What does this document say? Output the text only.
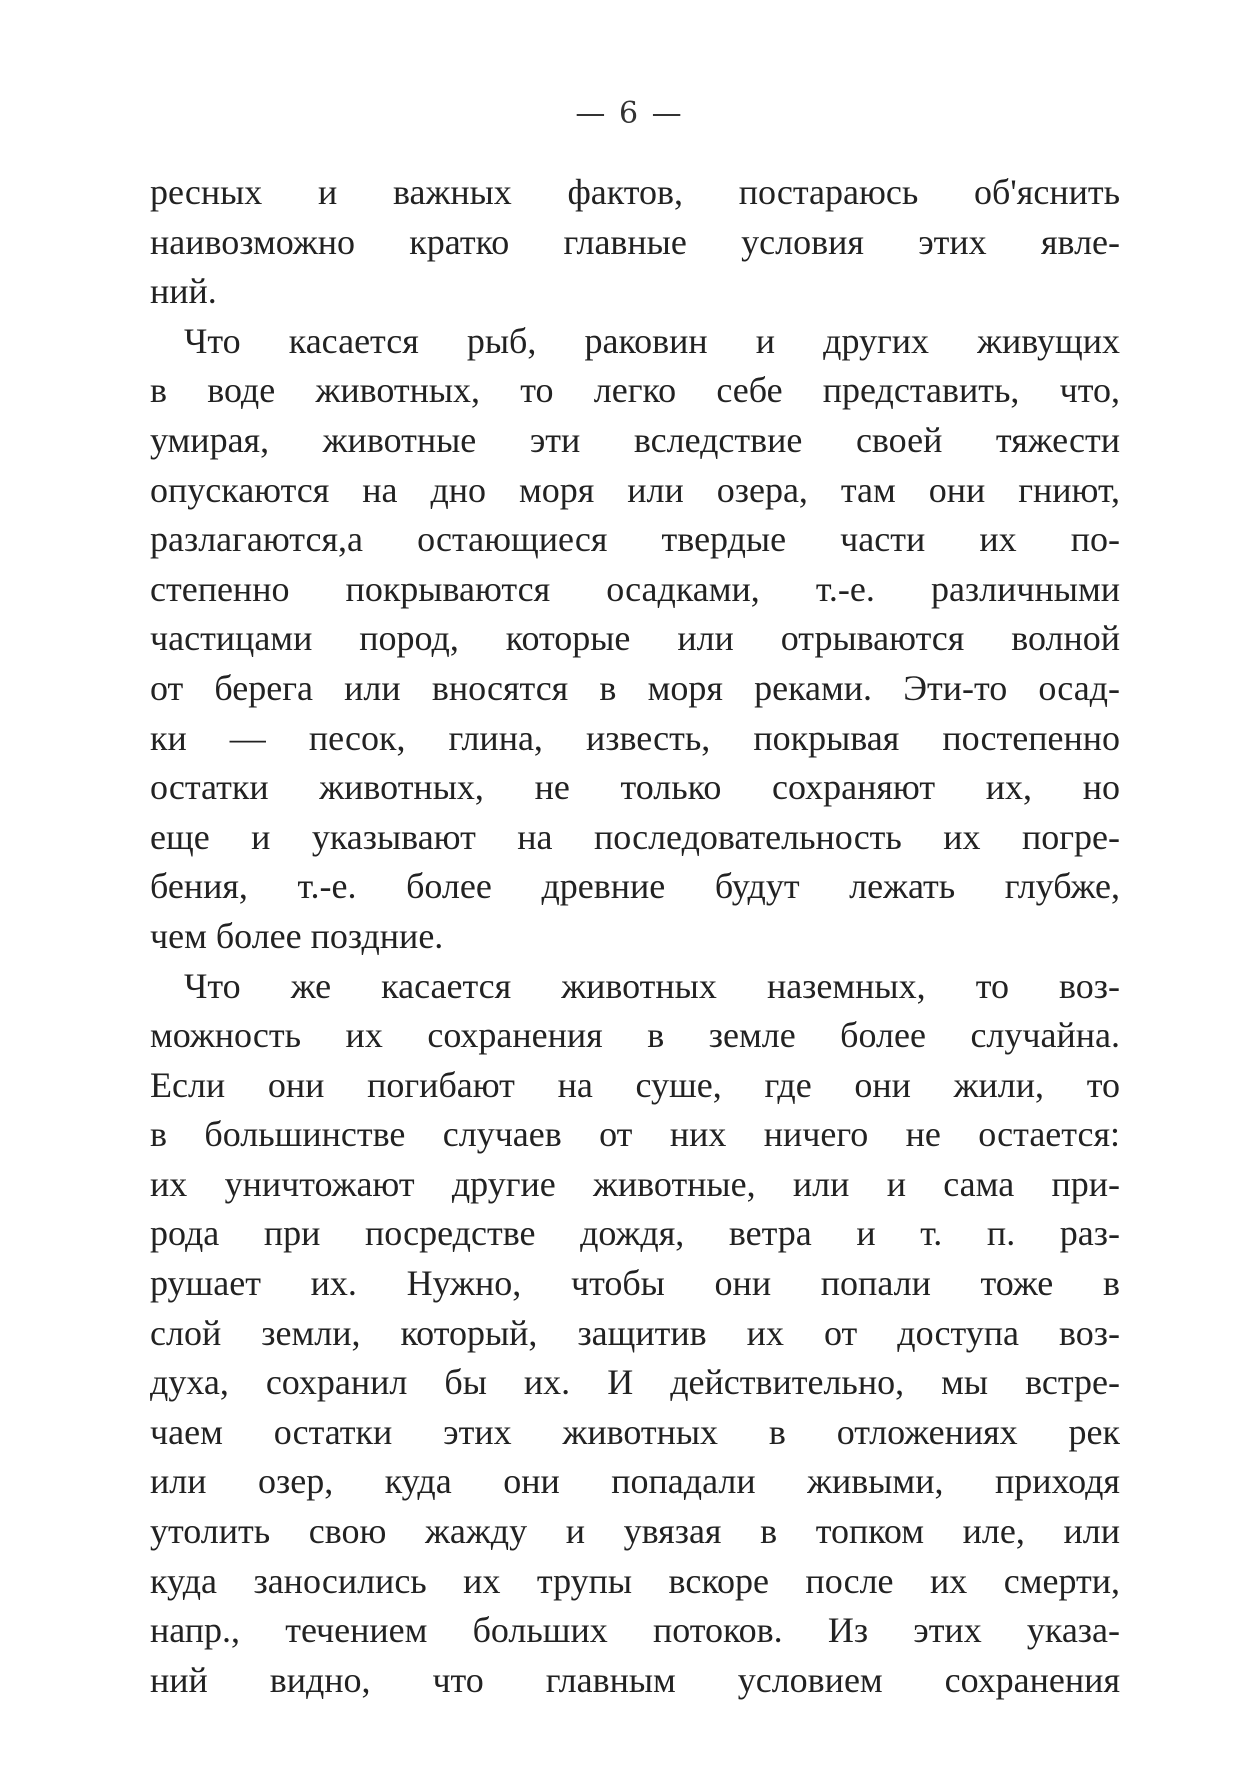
— 6 —
ресных и важных фактов, постараюсь об'яснить
наивозможно кратко главные условия этих явле-
ний.
Что касается рыб, раковин и других живущих
в воде животных, то легко себе представить, что,
умирая, животные эти вследствие своей тяжести
опускаются на дно моря или озера, там они гниют,
разлагаются,а остающиеся твердые части их по-
степенно покрываются осадками, т.-е. различными
частицами пород, которые или отрываются волной
от берега или вносятся в моря реками. Эти-то осад-
ки — песок, глина, известь, покрывая постепенно
остатки животных, не только сохраняют их, но
еще и указывают на последовательность их погре-
бения, т.-е. более древние будут лежать глубже,
чем более поздние.
Что же касается животных наземных, то воз-
можность их сохранения в земле более случайна.
Если они погибают на суше, где они жили, то
в большинстве случаев от них ничего не остается:
их уничтожают другие животные, или и сама при-
рода при посредстве дождя, ветра и т. п. раз-
рушает их. Нужно, чтобы они попали тоже в
слой земли, который, защитив их от доступа воз-
духа, сохранил бы их. И действительно, мы встре-
чаем остатки этих животных в отложениях рек
или озер, куда они попадали живыми, приходя
утолить свою жажду и увязая в топком иле, или
куда заносились их трупы вскоре после их смерти,
напр., течением больших потоков. Из этих указа-
ний видно, что главным условием сохранения
